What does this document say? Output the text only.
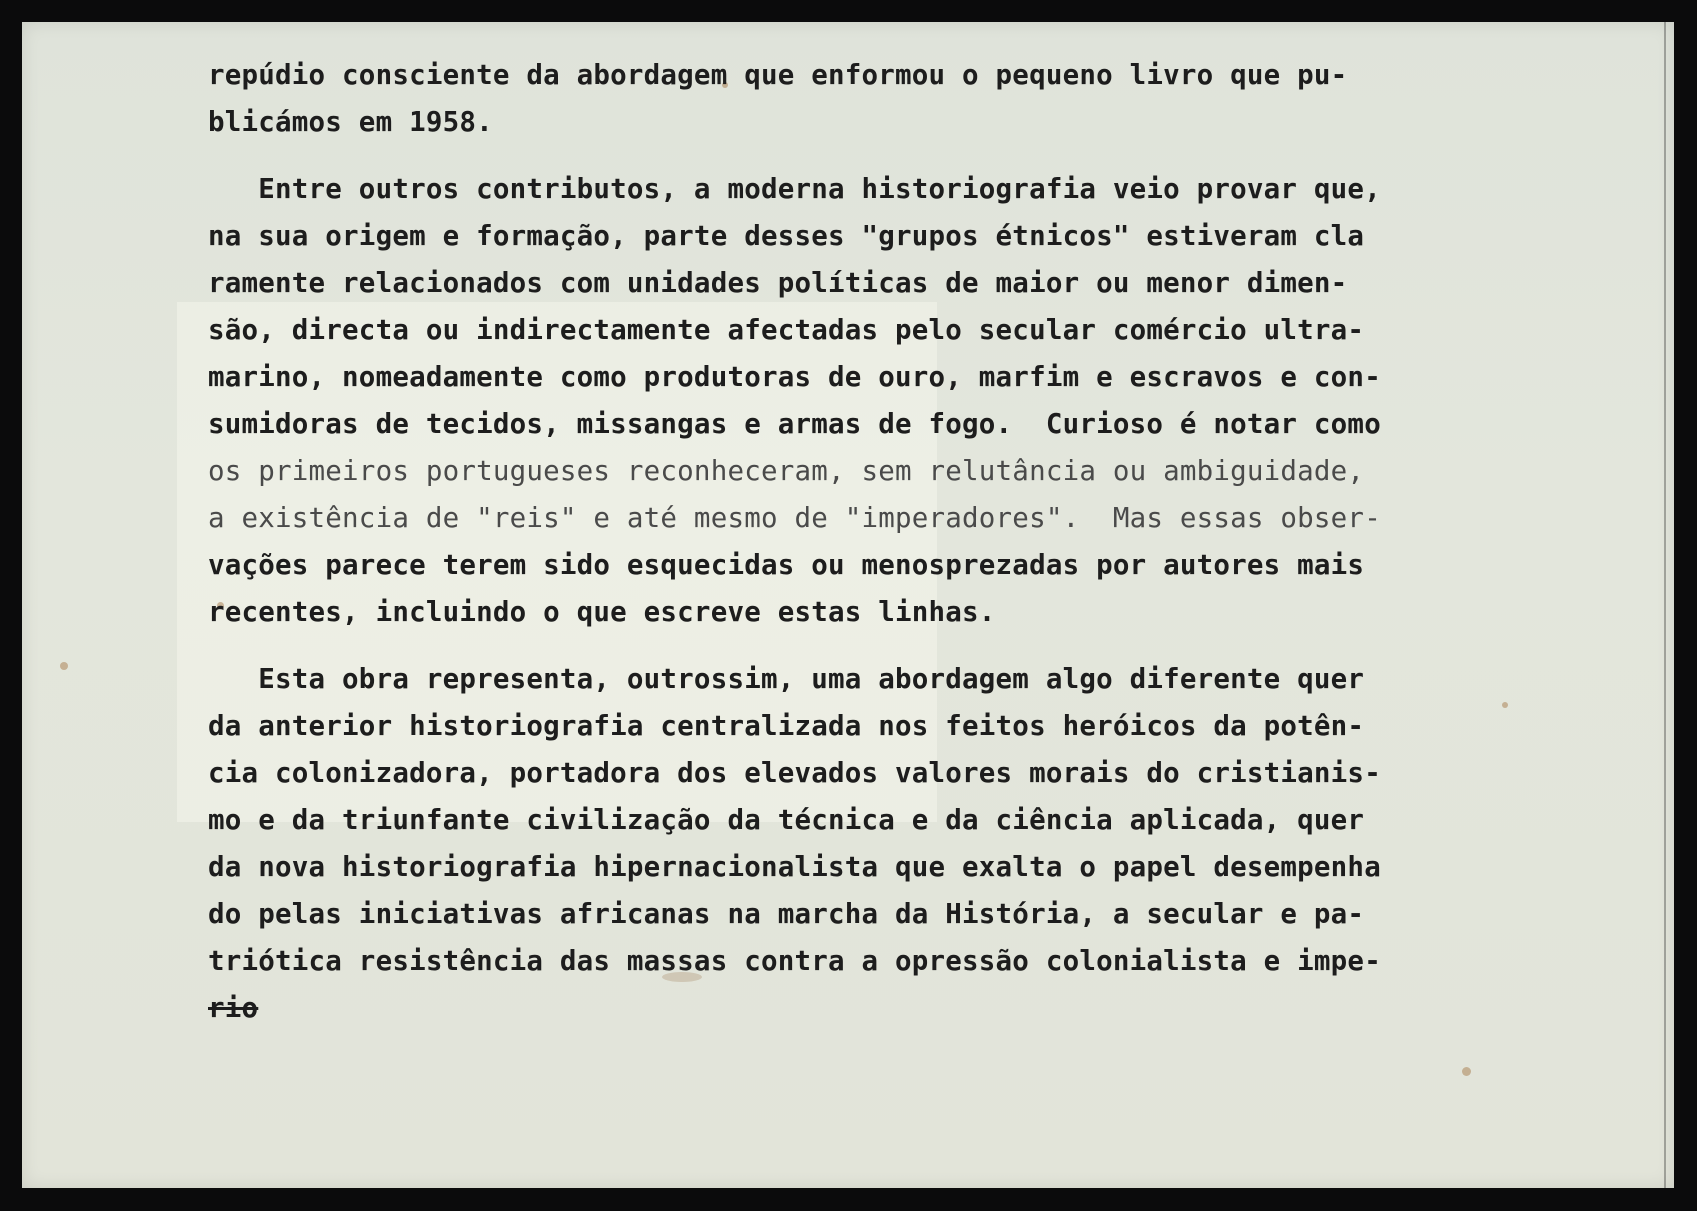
repúdio consciente da abordagem que enformou o pequeno livro que pu-
blicámos em 1958.

Entre outros contributos, a moderna historiografia veio provar que,
na sua origem e formação, parte desses "grupos étnicos" estiveram cla
ramente relacionados com unidades políticas de maior ou menor dimen-
são, directa ou indirectamente afectadas pelo secular comércio ultra-
marino, nomeadamente como produtoras de ouro, marfim e escravos e con-
sumidoras de tecidos, missangas e armas de fogo.  Curioso é notar como
os primeiros portugueses reconheceram, sem relutância ou ambiguidade,
a existência de "reis" e até mesmo de "imperadores".  Mas essas obser-
vações parece terem sido esquecidas ou menosprezadas por autores mais
recentes, incluindo o que escreve estas linhas.

Esta obra representa, outrossim, uma abordagem algo diferente quer
da anterior historiografia centralizada nos feitos heróicos da potên-
cia colonizadora, portadora dos elevados valores morais do cristianis-
mo e da triunfante civilização da técnica e da ciência aplicada, quer
da nova historiografia hipernacionalista que exalta o papel desempenha
do pelas iniciativas africanas na marcha da História, a secular e pa-
triótica resistência das massas contra a opressão colonialista e impe-
rio
